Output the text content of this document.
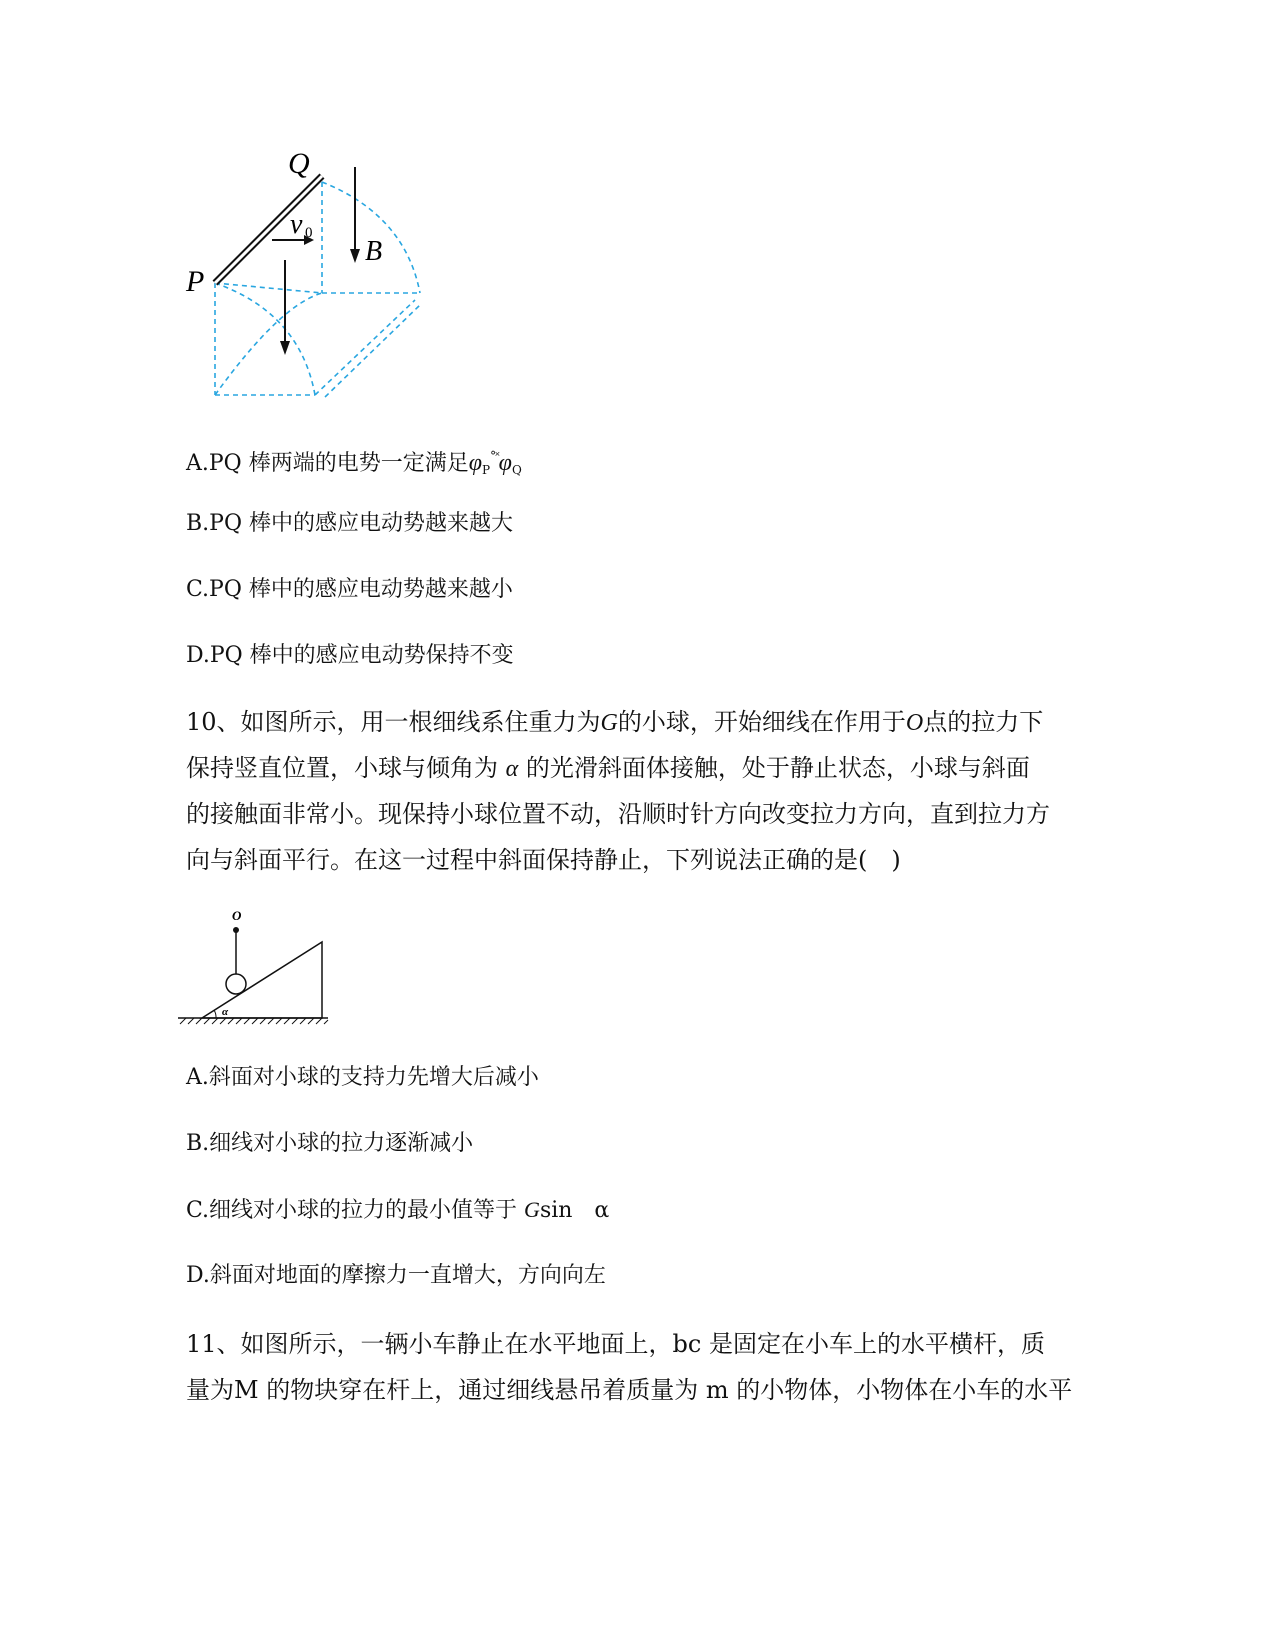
Q
P
v 0
B
A.PQ 棒两端的电势一定满足$\varphi_P^{^\circ˟}\varphi_Q$
B.PQ 棒中的感应电动势越来越大
C.PQ 棒中的感应电动势越来越小
D.PQ 棒中的感应电动势保持不变
10、如图所示，用一根细线系住重力为G的小球，开始细线在作用于O点的拉力下
保持竖直位置，小球与倾角为 α 的光滑斜面体接触，处于静止状态，小球与斜面
的接触面非常小。现保持小球位置不动，沿顺时针方向改变拉力方向，直到拉力方
向与斜面平行。在这一过程中斜面保持静止，下列说法正确的是(　)
O
α
A.斜面对小球的支持力先增大后减小
B.细线对小球的拉力逐渐减小
C.细线对小球的拉力的最小值等于 Gsin　α
D.斜面对地面的摩擦力一直增大，方向向左
11、如图所示，一辆小车静止在水平地面上，bc 是固定在小车上的水平横杆，质
量为M 的物块穿在杆上，通过细线悬吊着质量为 m 的小物体，小物体在小车的水平
